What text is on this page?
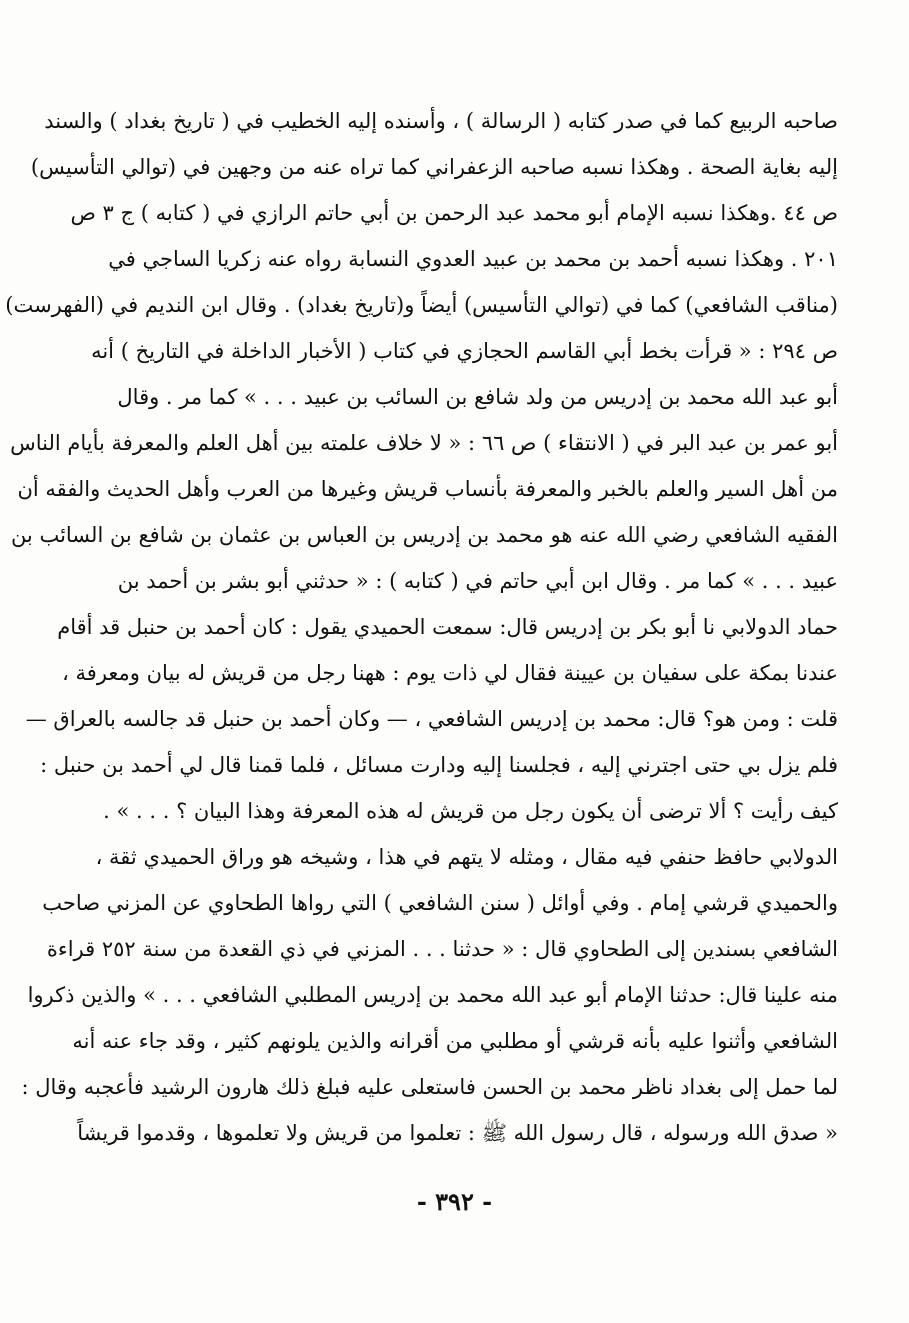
صاحبه الربيع كما في صدر كتابه ( الرسالة ) ، وأسنده إليه الخطيب في ( تاريخ بغداد ) والسند
إليه بغاية الصحة . وهكذا نسبه صاحبه الزعفراني كما تراه عنه من وجهين في (توالي التأسيس)
ص ٤٤ .وهكذا نسبه الإمام أبو محمد عبد الرحمن بن أبي حاتم الرازي في ( كتابه ) ج ٣ ص
٢٠١ . وهكذا نسبه أحمد بن محمد بن عبيد العدوي النسابة رواه عنه زكريا الساجي في
(مناقب الشافعي) كما في (توالي التأسيس) أيضاً و(تاريخ بغداد) . وقال ابن النديم في (الفهرست)
ص ٢٩٤ : « قرأت بخط أبي القاسم الحجازي في كتاب ( الأخبار الداخلة في التاريخ ) أنه
أبو عبد الله محمد بن إدريس من ولد شافع بن السائب بن عبيد . . . » كما مر . وقال
أبو عمر بن عبد البر في ( الانتقاء ) ص ٦٦ : « لا خلاف علمته بين أهل العلم والمعرفة بأيام الناس
من أهل السير والعلم بالخبر والمعرفة بأنساب قريش وغيرها من العرب وأهل الحديث والفقه أن
الفقيه الشافعي رضي الله عنه هو محمد بن إدريس بن العباس بن عثمان بن شافع بن السائب بن
عبيد . . . » كما مر . وقال ابن أبي حاتم في ( كتابه ) : « حدثني أبو بشر بن أحمد بن
حماد الدولابي نا أبو بكر بن إدريس قال: سمعت الحميدي يقول : كان أحمد بن حنبل قد أقام
عندنا بمكة على سفيان بن عيينة فقال لي ذات يوم : ههنا رجل من قريش له بيان ومعرفة ،
قلت : ومن هو؟ قال: محمد بن إدريس الشافعي ، — وكان أحمد بن حنبل قد جالسه بالعراق —
فلم يزل بي حتى اجترني إليه ، فجلسنا إليه ودارت مسائل ، فلما قمنا قال لي أحمد بن حنبل :
كيف رأيت ؟ ألا ترضى أن يكون رجل من قريش له هذه المعرفة وهذا البيان ؟ . . . » .
الدولابي حافظ حنفي فيه مقال ، ومثله لا يتهم في هذا ، وشيخه هو وراق الحميدي ثقة ،
والحميدي قرشي إمام . وفي أوائل ( سنن الشافعي ) التي رواها الطحاوي عن المزني صاحب
الشافعي بسندين إلى الطحاوي قال : « حدثنا . . . المزني في ذي القعدة من سنة ٢٥٢ قراءة
منه علينا قال: حدثنا الإمام أبو عبد الله محمد بن إدريس المطلبي الشافعي . . . » والذين ذكروا
الشافعي وأثنوا عليه بأنه قرشي أو مطلبي من أقرانه والذين يلونهم كثير ، وقد جاء عنه أنه
لما حمل إلى بغداد ناظر محمد بن الحسن فاستعلى عليه فبلغ ذلك هارون الرشيد فأعجبه وقال :
« صدق الله ورسوله ، قال رسول الله ﷺ : تعلموا من قريش ولا تعلموها ، وقدموا قريشاً
- ٣٩٢ -
